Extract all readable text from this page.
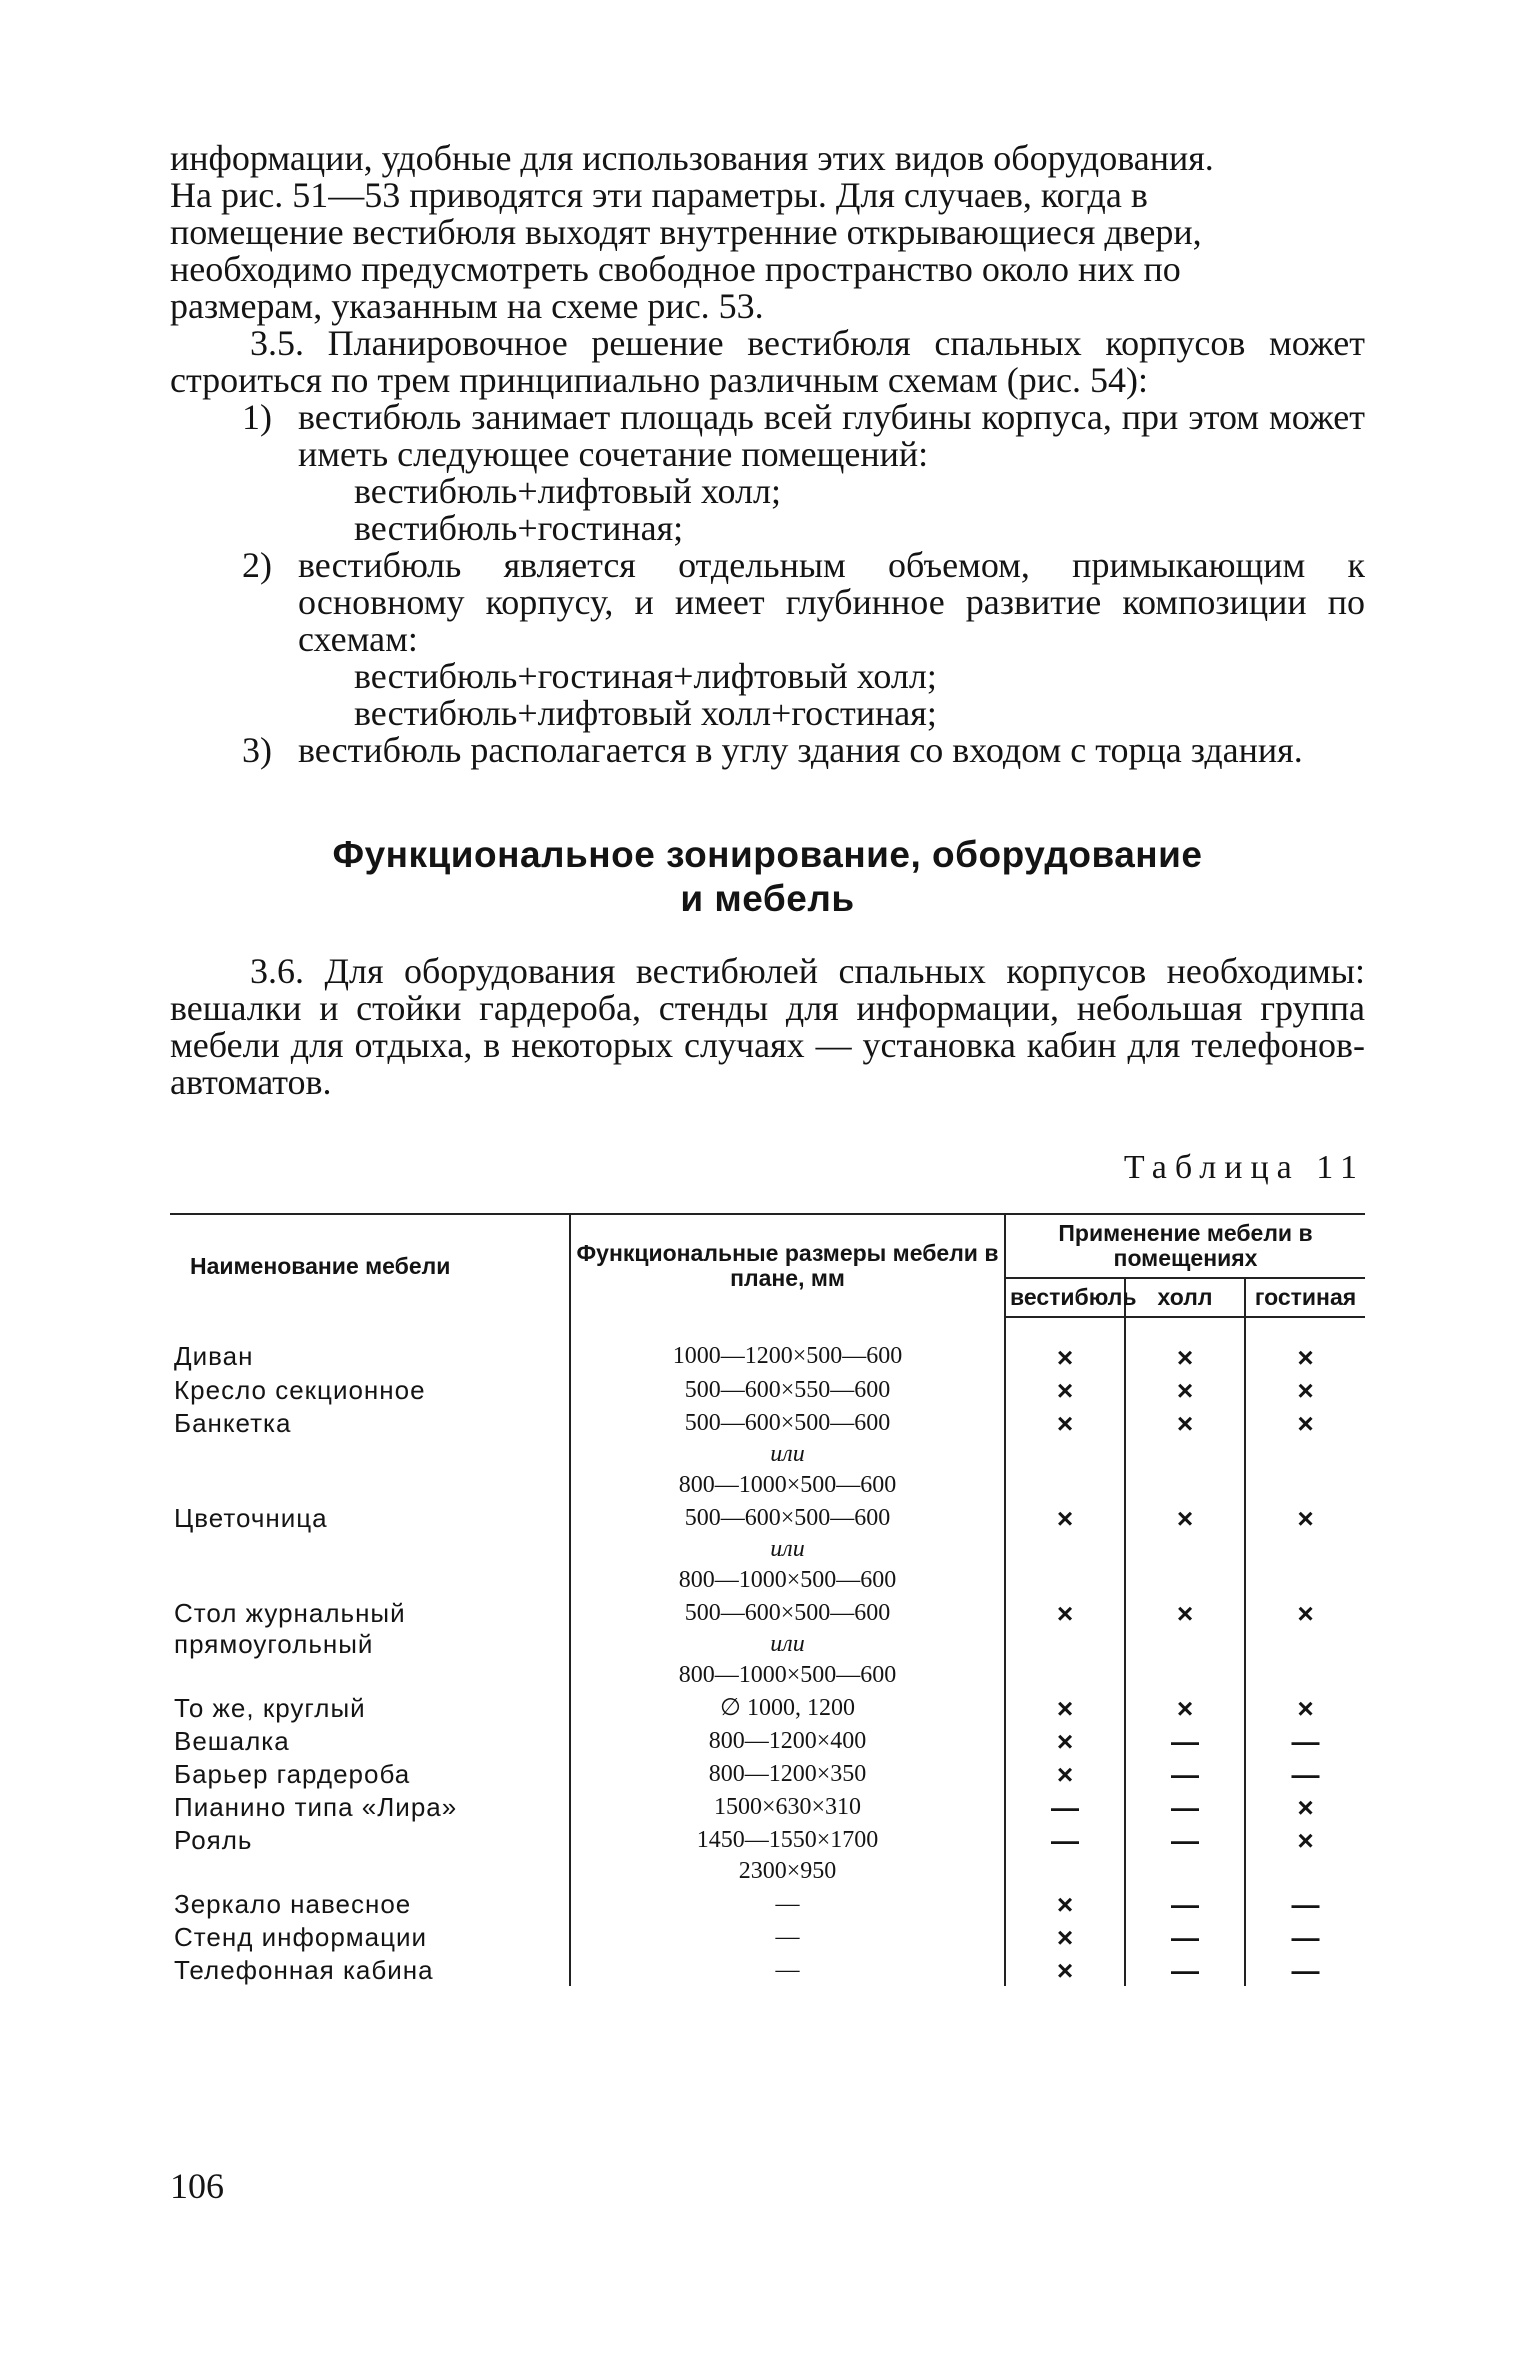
информации, удобные для использования этих видов оборудования.

На рис. 51—53 приводятся эти параметры. Для случаев, когда в

помещение вестибюля выходят внутренние открывающиеся двери,

необходимо предусмотреть свободное пространство около них по

размерам, указанным на схеме рис. 53.

3.5. Планировочное решение вестибюля спальных корпусов может строиться по трем принципиально различным схемам (рис. 54):

1) вестибюль занимает площадь всей глубины корпуса, при этом может иметь следующее сочетание помещений:
вестибюль+лифтовый холл;
вестибюль+гостиная;
2) вестибюль является отдельным объемом, примыкающим к основному корпусу, и имеет глубинное развитие композиции по схемам:
вестибюль+гостиная+лифтовый холл;
вестибюль+лифтовый холл+гостиная;
3) вестибюль располагается в углу здания со входом с торца здания.
Функциональное зонирование, оборудование
и мебель

3.6. Для оборудования вестибюлей спальных корпусов необходимы: вешалки и стойки гардероба, стенды для информации, небольшая группа мебели для отдыха, в некоторых случаях — установка кабин для телефонов-автоматов.

Таблица 11
Наименование мебели	Функциональные размеры мебели в плане, мм	Применение мебели в помещениях		
		вестибюль	холл	гостиная
Диван	1000—1200×500—600	×	×	×
Кресло секционное	500—600×550—600	×	×	×
Банкетка	500—600×500—600
или
800—1000×500—600	×	×	×
Цветочница	500—600×500—600
или
800—1000×500—600	×	×	×
Стол журнальный прямоугольный	500—600×500—600
или
800—1000×500—600	×	×	×
То же, круглый	∅ 1000, 1200	×	×	×
Вешалка	800—1200×400	×	—	—
Барьер гардероба	800—1200×350	×	—	—
Пианино типа «Лира»	1500×630×310	—	—	×
Рояль	1450—1550×1700
2300×950	—	—	×
Зеркало навесное	—	×	—	—
Стенд информации	—	×	—	—
Телефонная кабина	—	×	—	—
106
